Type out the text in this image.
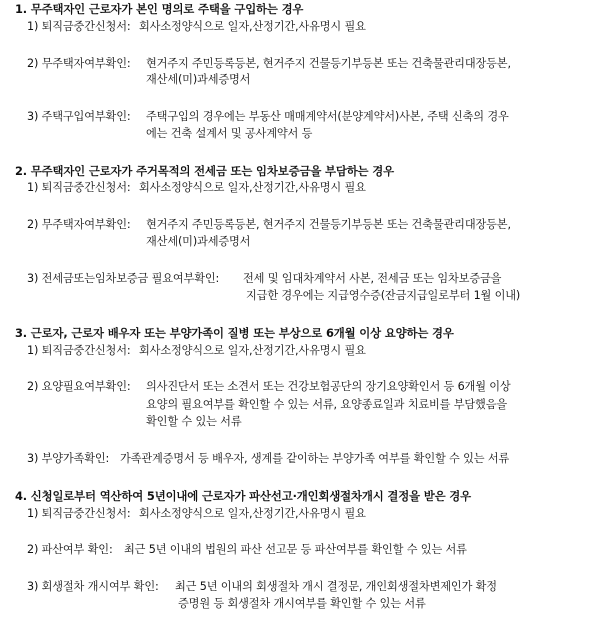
1. 무주택자인 근로자가 본인 명의로 주택을 구입하는 경우
1) 퇴직금중간신청서: 회사소정양식으로 일자,산정기간,사유명시 필요
2) 무주택자여부확인: 현거주지 주민등록등본, 현거주지 건물등기부등본 또는 건축물관리대장등본,
재산세(미)과세증명서
3) 주택구입여부확인: 주택구입의 경우에는 부동산 매매계약서(분양계약서)사본, 주택 신축의 경우
에는 건축 설계서 및 공사계약서 등
2. 무주택자인 근로자가 주거목적의 전세금 또는 임차보증금을 부담하는 경우
1) 퇴직금중간신청서: 회사소정양식으로 일자,산정기간,사유명시 필요
2) 무주택자여부확인: 현거주지 주민등록등본, 현거주지 건물등기부등본 또는 건축물관리대장등본,
재산세(미)과세증명서
3) 전세금또는임차보증금 필요여부확인: 전세 및 임대차계약서 사본, 전세금 또는 임차보증금을
지급한 경우에는 지급영수증(잔금지급일로부터 1월 이내)
3. 근로자, 근로자 배우자 또는 부양가족이 질병 또는 부상으로 6개월 이상 요양하는 경우
1) 퇴직금중간신청서: 회사소정양식으로 일자,산정기간,사유명시 필요
2) 요양필요여부확인: 의사진단서 또는 소견서 또는 건강보험공단의 장기요양확인서 등 6개월 이상
요양의 필요여부를 확인할 수 있는 서류, 요양종료일과 치료비를 부담했음을
확인할 수 있는 서류
3) 부양가족확인: 가족관계증명서 등 배우자, 생계를 같이하는 부양가족 여부를 확인할 수 있는 서류
4. 신청일로부터 역산하여 5년이내에 근로자가 파산선고·개인회생절차개시 결정을 받은 경우
1) 퇴직금중간신청서: 회사소정양식으로 일자,산정기간,사유명시 필요
2) 파산여부 확인: 최근 5년 이내의 법원의 파산 선고문 등 파산여부를 확인할 수 있는 서류
3) 회생절차 개시여부 확인: 최근 5년 이내의 회생절차 개시 결정문, 개인회생절차변제인가 확정
증명원 등 회생절차 개시여부를 확인할 수 있는 서류
